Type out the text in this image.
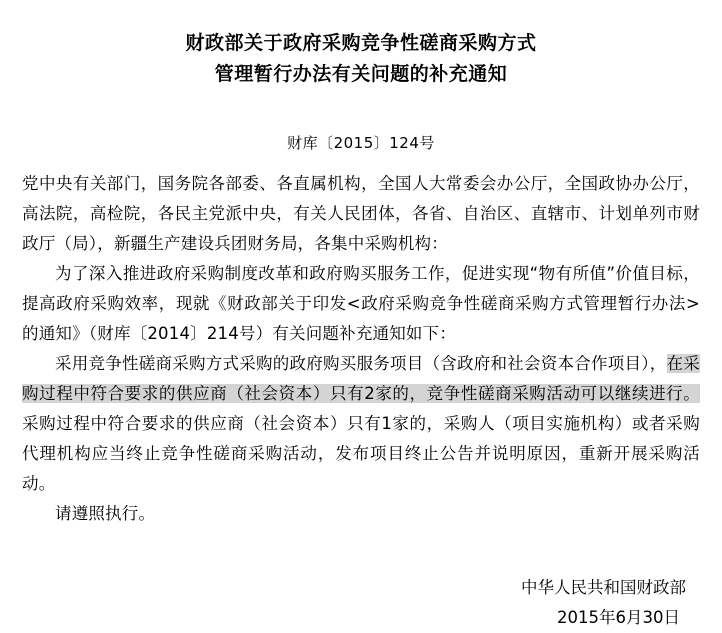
财政部关于政府采购竞争性磋商采购方式
管理暂行办法有关问题的补充通知
财库〔2015〕124号

党中央有关部门，国务院各部委、各直属机构，全国人大常委会办公厅，全国政协办公厅，高法院，高检院，各民主党派中央，有关人民团体，各省、自治区、直辖市、计划单列市财政厅（局），新疆生产建设兵团财务局，各集中采购机构：

为了深入推进政府采购制度改革和政府购买服务工作，促进实现“物有所值”价值目标，提高政府采购效率，现就《财政部关于印发<政府采购竞争性磋商采购方式管理暂行办法>的通知》（财库〔2014〕214号）有关问题补充通知如下：

采用竞争性磋商采购方式采购的政府购买服务项目（含政府和社会资本合作项目），在采购过程中符合要求的供应商（社会资本）只有2家的，竞争性磋商采购活动可以继续进行。采购过程中符合要求的供应商（社会资本）只有1家的，采购人（项目实施机构）或者采购代理机构应当终止竞争性磋商采购活动，发布项目终止公告并说明原因，重新开展采购活动。

请遵照执行。

中华人民共和国财政部
2015年6月30日
